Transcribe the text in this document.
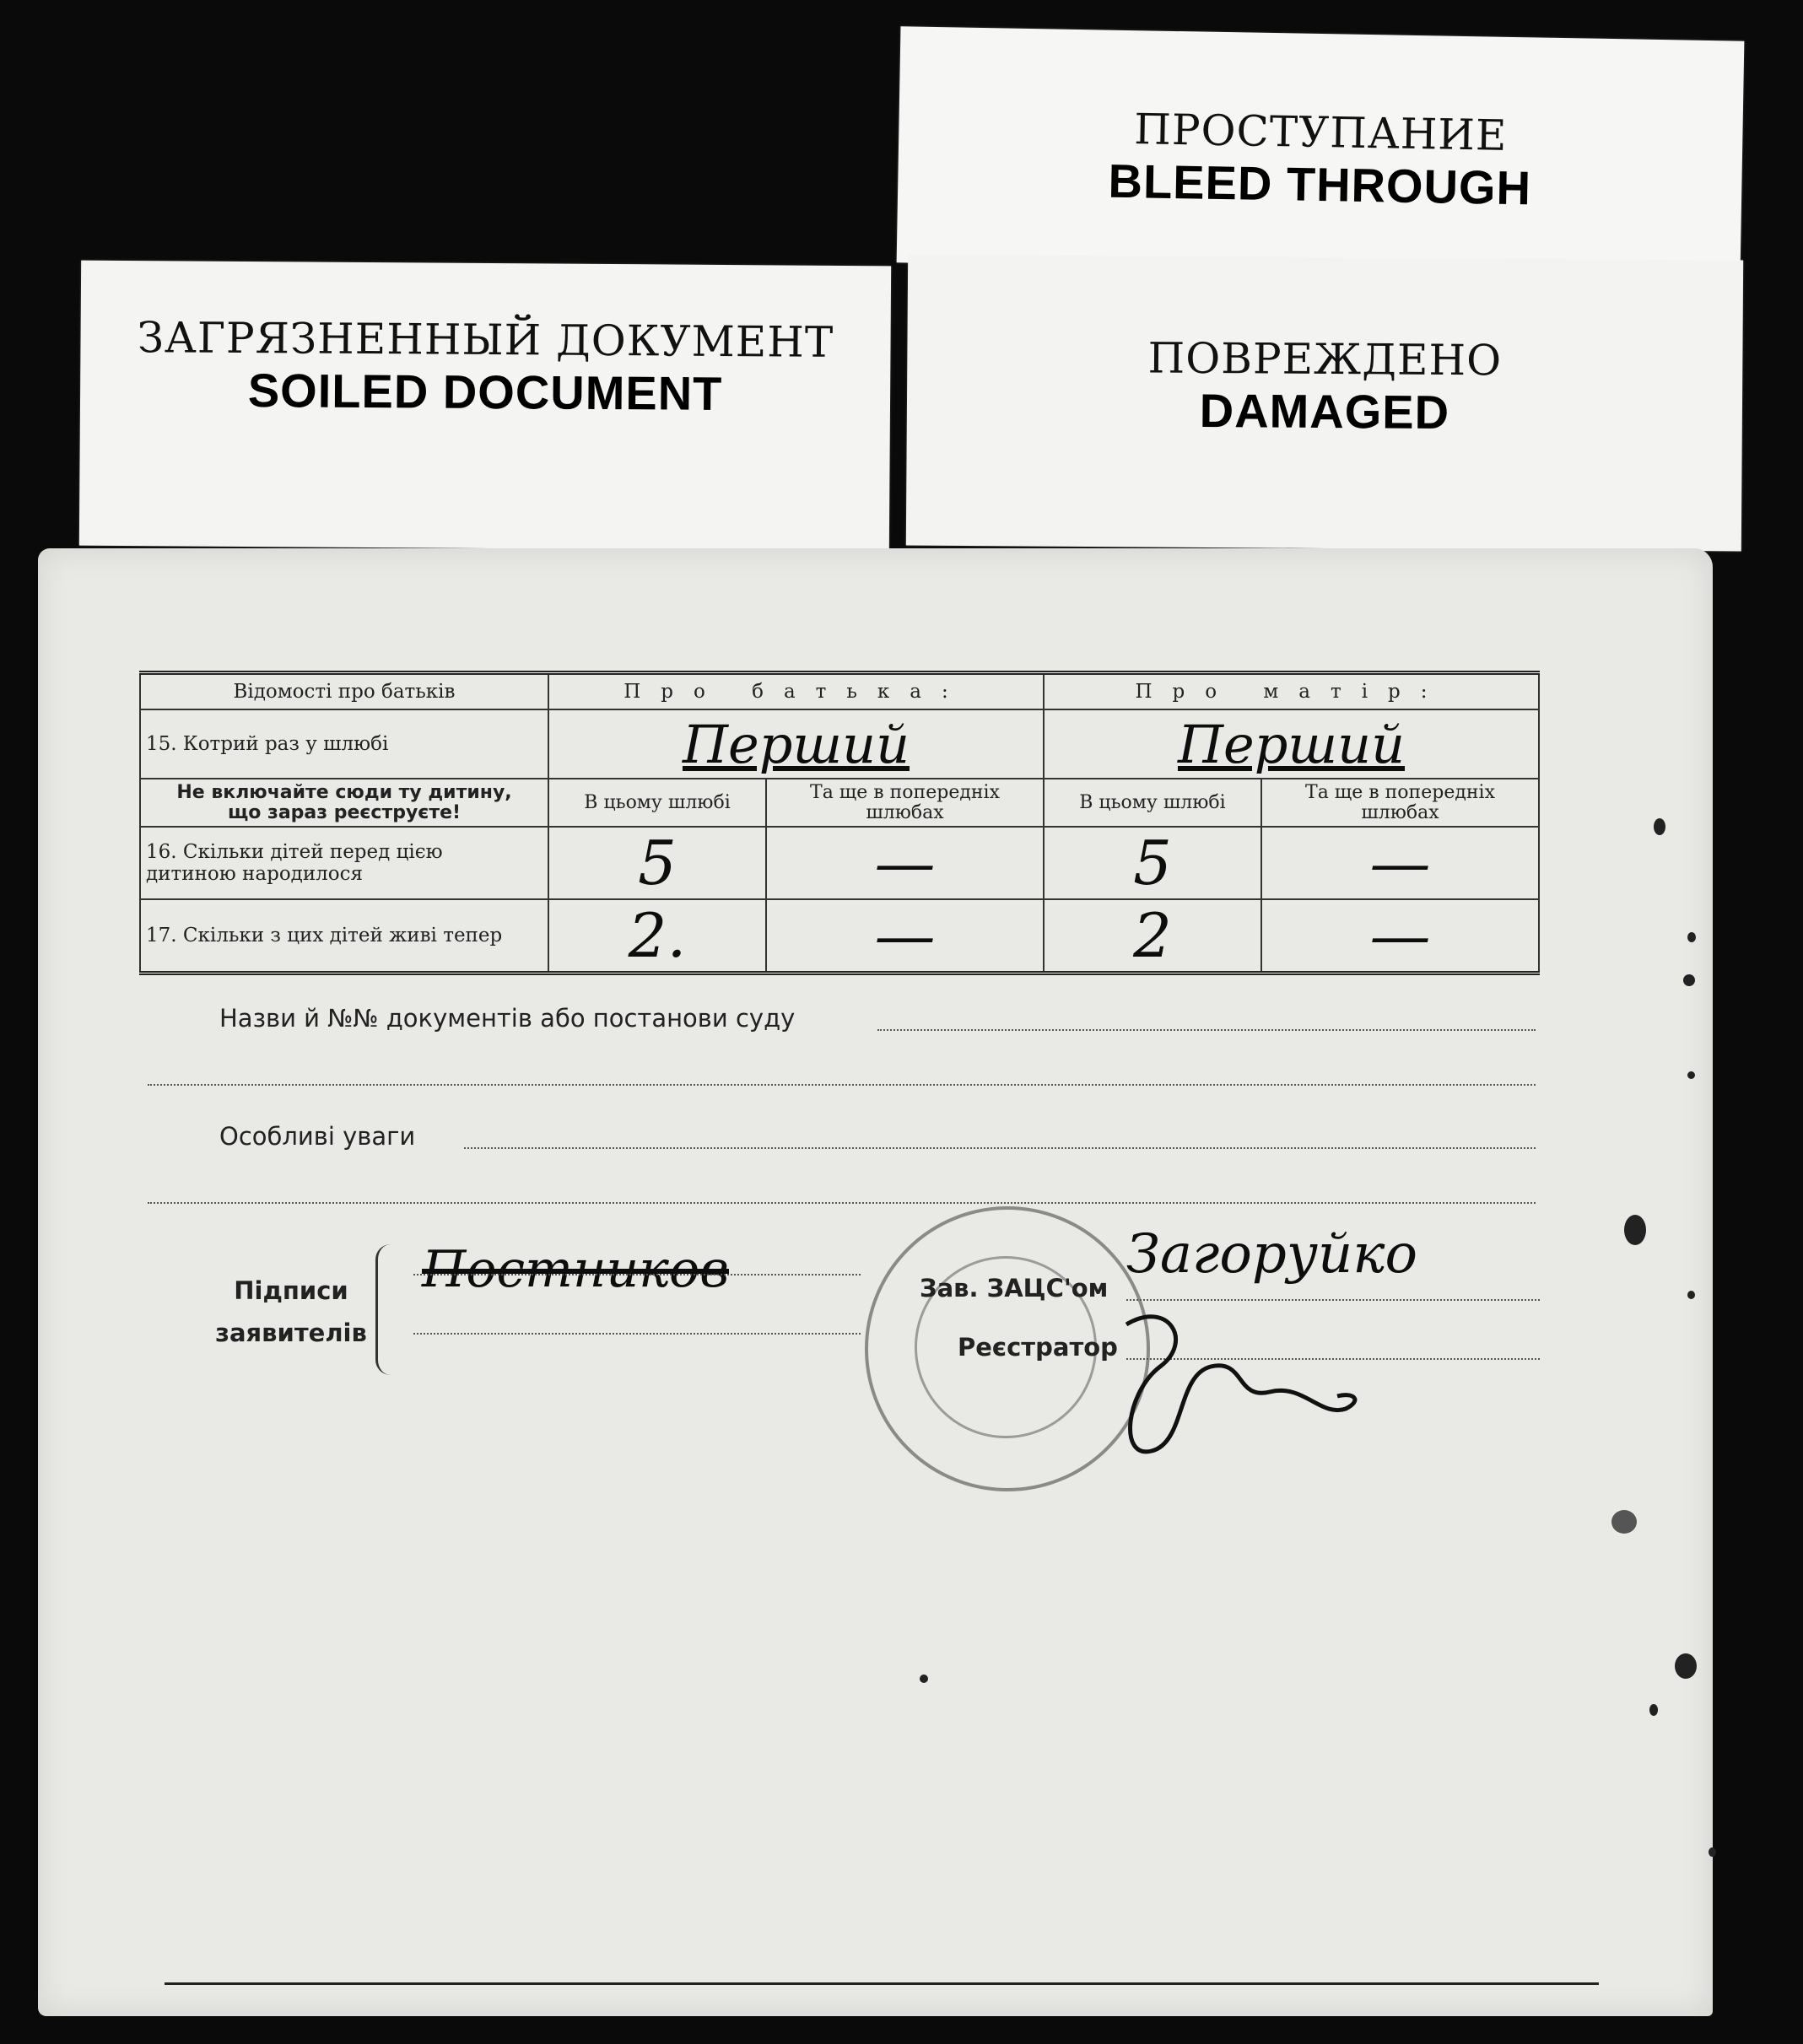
ЗАГРЯЗНЕННЫЙ ДОКУМЕНТ
SOILED DOCUMENT
ПРОСТУПАНИЕ
BLEED THROUGH
ПОВРЕЖДЕНО
DAMAGED
Відомості про батьків	Про батька:		Про матір:	
15. Котрий раз у шлюбі	Перший		Перший	
Не включайте сюди ту дитину,
що зараз реєструєте!	В цьому шлюбі	Та ще в попередніх
шлюбах	В цьому шлюбі	Та ще в попередніх
шлюбах
16. Скільки дітей перед цією
дитиною народилося	5	—	5	—
17. Скільки з цих дітей живі тепер	2.	—	2	—
Назви й №№ документів або постанови суду
Особливі уваги
Підписи
заявителів
Постников	Зав. ЗАЦС'ом
Загоруйко
Реєстратор
